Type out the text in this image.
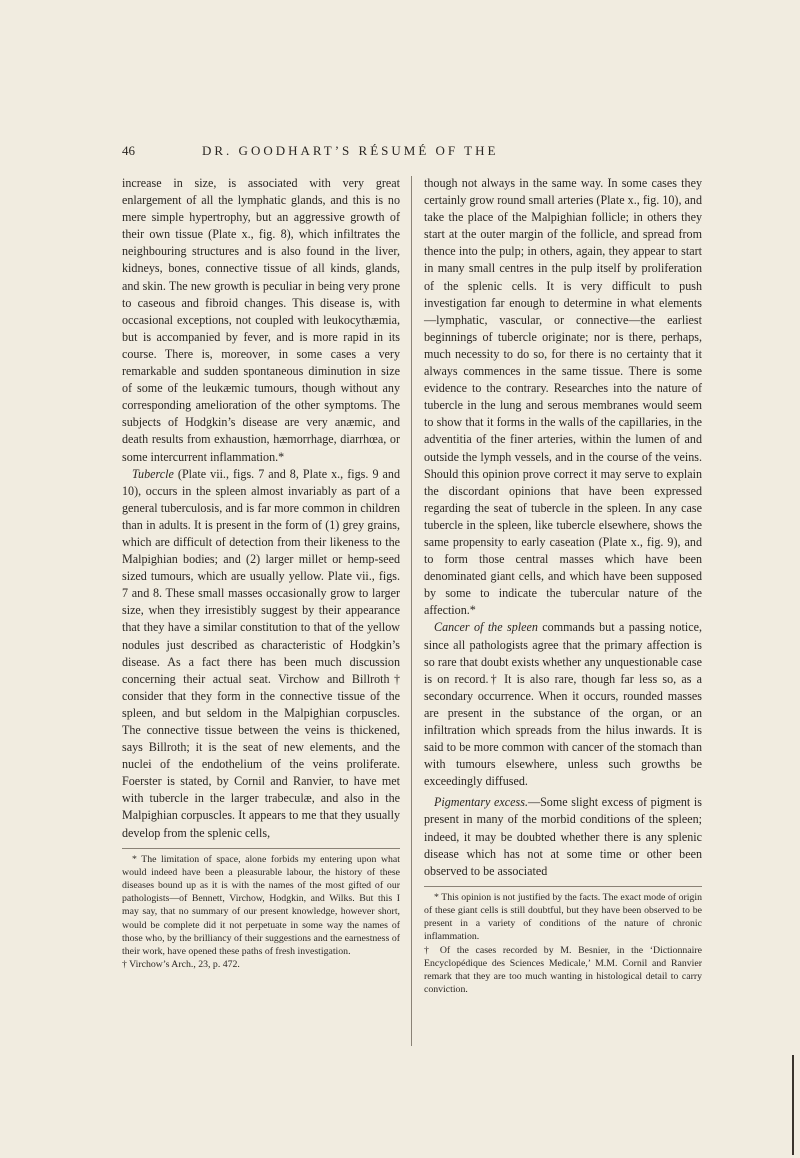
46	DR. GOODHART’S RÉSUMÉ OF THE

increase in size, is associated with very great enlargement of all the lymphatic glands, and this is no mere simple hypertrophy, but an aggressive growth of their own tissue (Plate x., fig. 8), which infiltrates the neighbouring structures and is also found in the liver, kidneys, bones, connective tissue of all kinds, glands, and skin. The new growth is peculiar in being very prone to caseous and fibroid changes. This disease is, with occasional exceptions, not coupled with leukocythæmia, but is accompanied by fever, and is more rapid in its course. There is, moreover, in some cases a very remarkable and sudden spontaneous diminution in size of some of the leukæmic tumours, though without any corresponding amelioration of the other symptoms. The subjects of Hodgkin’s disease are very anæmic, and death results from exhaustion, hæmorrhage, diarrhœa, or some intercurrent inflammation.*

Tubercle (Plate vii., figs. 7 and 8, Plate x., figs. 9 and 10), occurs in the spleen almost invariably as part of a general tuberculosis, and is far more common in children than in adults. It is present in the form of (1) grey grains, which are difficult of detection from their likeness to the Malpighian bodies; and (2) larger millet or hemp-seed sized tumours, which are usually yellow. Plate vii., figs. 7 and 8. These small masses occasionally grow to larger size, when they irresistibly suggest by their appearance that they have a similar constitution to that of the yellow nodules just described as characteristic of Hodgkin’s disease. As a fact there has been much discussion concerning their actual seat. Virchow and Billroth† consider that they form in the connective tissue of the spleen, and but seldom in the Malpighian corpuscles. The connective tissue between the veins is thickened, says Billroth; it is the seat of new elements, and the nuclei of the endothelium of the veins proliferate. Foerster is stated, by Cornil and Ranvier, to have met with tubercle in the larger trabeculæ, and also in the Malpighian corpuscles. It appears to me that they usually develop from the splenic cells,

* The limitation of space, alone forbids my entering upon what would indeed have been a pleasurable labour, the history of these diseases bound up as it is with the names of the most gifted of our pathologists—of Bennett, Virchow, Hodgkin, and Wilks. But this I may say, that no summary of our present knowledge, however short, would be complete did it not perpetuate in some way the names of those who, by the brilliancy of their suggestions and the earnestness of their work, have opened these paths of fresh investigation.

† Virchow’s Arch., 23, p. 472.

though not always in the same way. In some cases they certainly grow round small arteries (Plate x., fig. 10), and take the place of the Malpighian follicle; in others they start at the outer margin of the follicle, and spread from thence into the pulp; in others, again, they appear to start in many small centres in the pulp itself by proliferation of the splenic cells. It is very difficult to push investigation far enough to determine in what elements—lymphatic, vascular, or connective—the earliest beginnings of tubercle originate; nor is there, perhaps, much necessity to do so, for there is no certainty that it always commences in the same tissue. There is some evidence to the contrary. Researches into the nature of tubercle in the lung and serous membranes would seem to show that it forms in the walls of the capillaries, in the adventitia of the finer arteries, within the lumen of and outside the lymph vessels, and in the course of the veins. Should this opinion prove correct it may serve to explain the discordant opinions that have been expressed regarding the seat of tubercle in the spleen. In any case tubercle in the spleen, like tubercle elsewhere, shows the same propensity to early caseation (Plate x., fig. 9), and to form those central masses which have been denominated giant cells, and which have been supposed by some to indicate the tubercular nature of the affection.*

Cancer of the spleen commands but a passing notice, since all pathologists agree that the primary affection is so rare that doubt exists whether any unquestionable case is on record.† It is also rare, though far less so, as a secondary occurrence. When it occurs, rounded masses are present in the substance of the organ, or an infiltration which spreads from the hilus inwards. It is said to be more common with cancer of the stomach than with tumours elsewhere, unless such growths be exceedingly diffused.

Pigmentary excess.—Some slight excess of pigment is present in many of the morbid conditions of the spleen; indeed, it may be doubted whether there is any splenic disease which has not at some time or other been observed to be associated

* This opinion is not justified by the facts. The exact mode of origin of these giant cells is still doubtful, but they have been observed to be present in a variety of conditions of the nature of chronic inflammation.

† Of the cases recorded by M. Besnier, in the ‘Dictionnaire Encyclopédique des Sciences Medicale,’ M.M. Cornil and Ranvier remark that they are too much wanting in histological detail to carry conviction.
